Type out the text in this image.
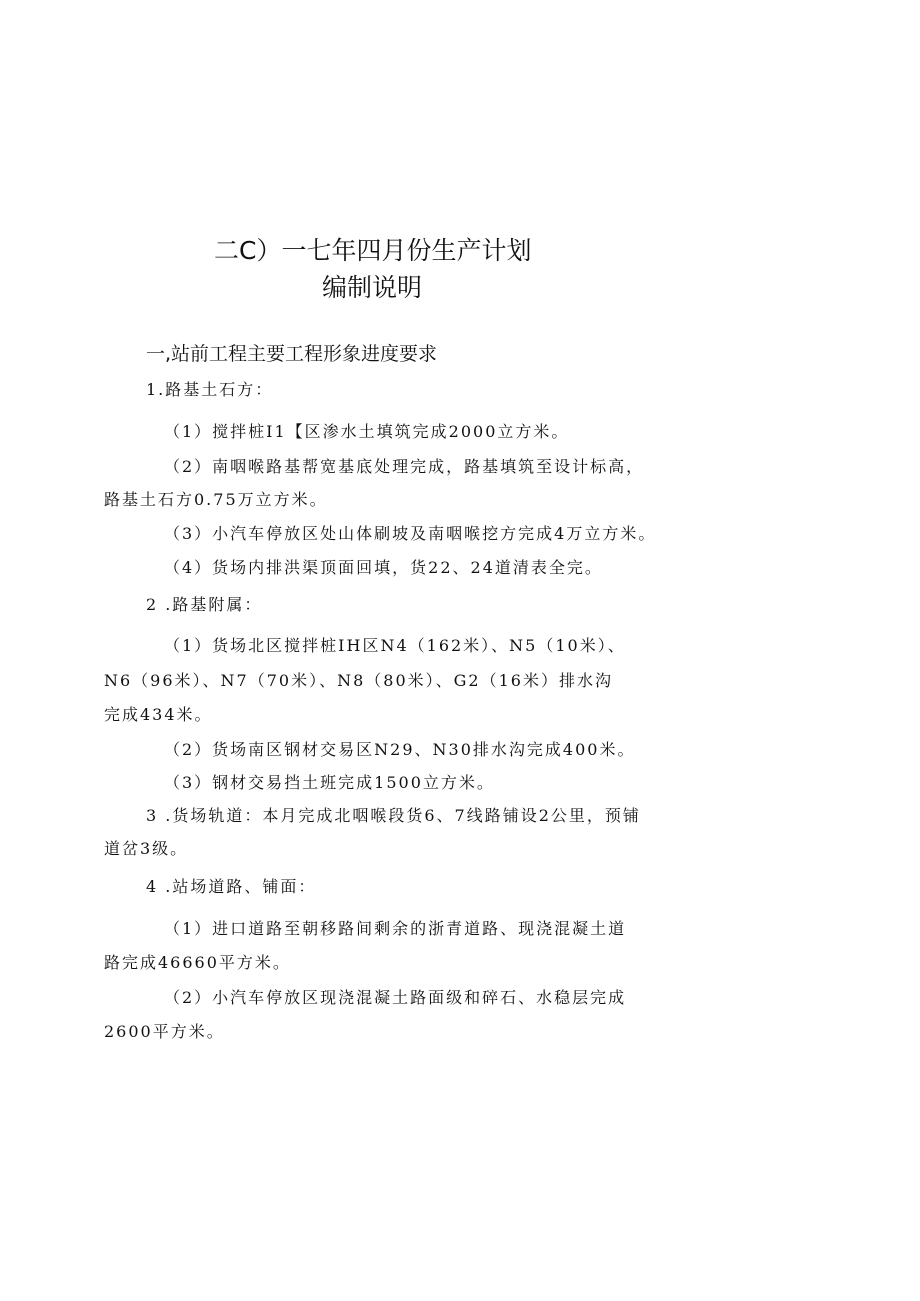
二C）一七年四月份生产计划
编制说明
一,站前工程主要工程形象进度要求
1.路基土石方：
（1）搅拌桩I1【区渗水土填筑完成2000立方米。
（2）南咽喉路基帮宽基底处理完成，路基填筑至设计标高，
路基土石方0.75万立方米。
（3）小汽车停放区处山体刷坡及南咽喉挖方完成4万立方米。
（4）货场内排洪渠顶面回填，货22、24道清表全完。
2 .路基附属：
（1）货场北区搅拌桩IH区N4（162米）、N5（10米）、
N6（96米）、N7（70米）、N8（80米）、G2（16米）排水沟
完成434米。
（2）货场南区钢材交易区N29、N30排水沟完成400米。
（3）钢材交易挡土班完成1500立方米。
3 .货场轨道：本月完成北咽喉段货6、7线路铺设2公里，预铺
道岔3级。
4 .站场道路、铺面：
（1）进口道路至朝移路间剩余的浙青道路、现浇混凝土道
路完成46660平方米。
（2）小汽车停放区现浇混凝土路面级和碎石、水稳层完成
2600平方米。
